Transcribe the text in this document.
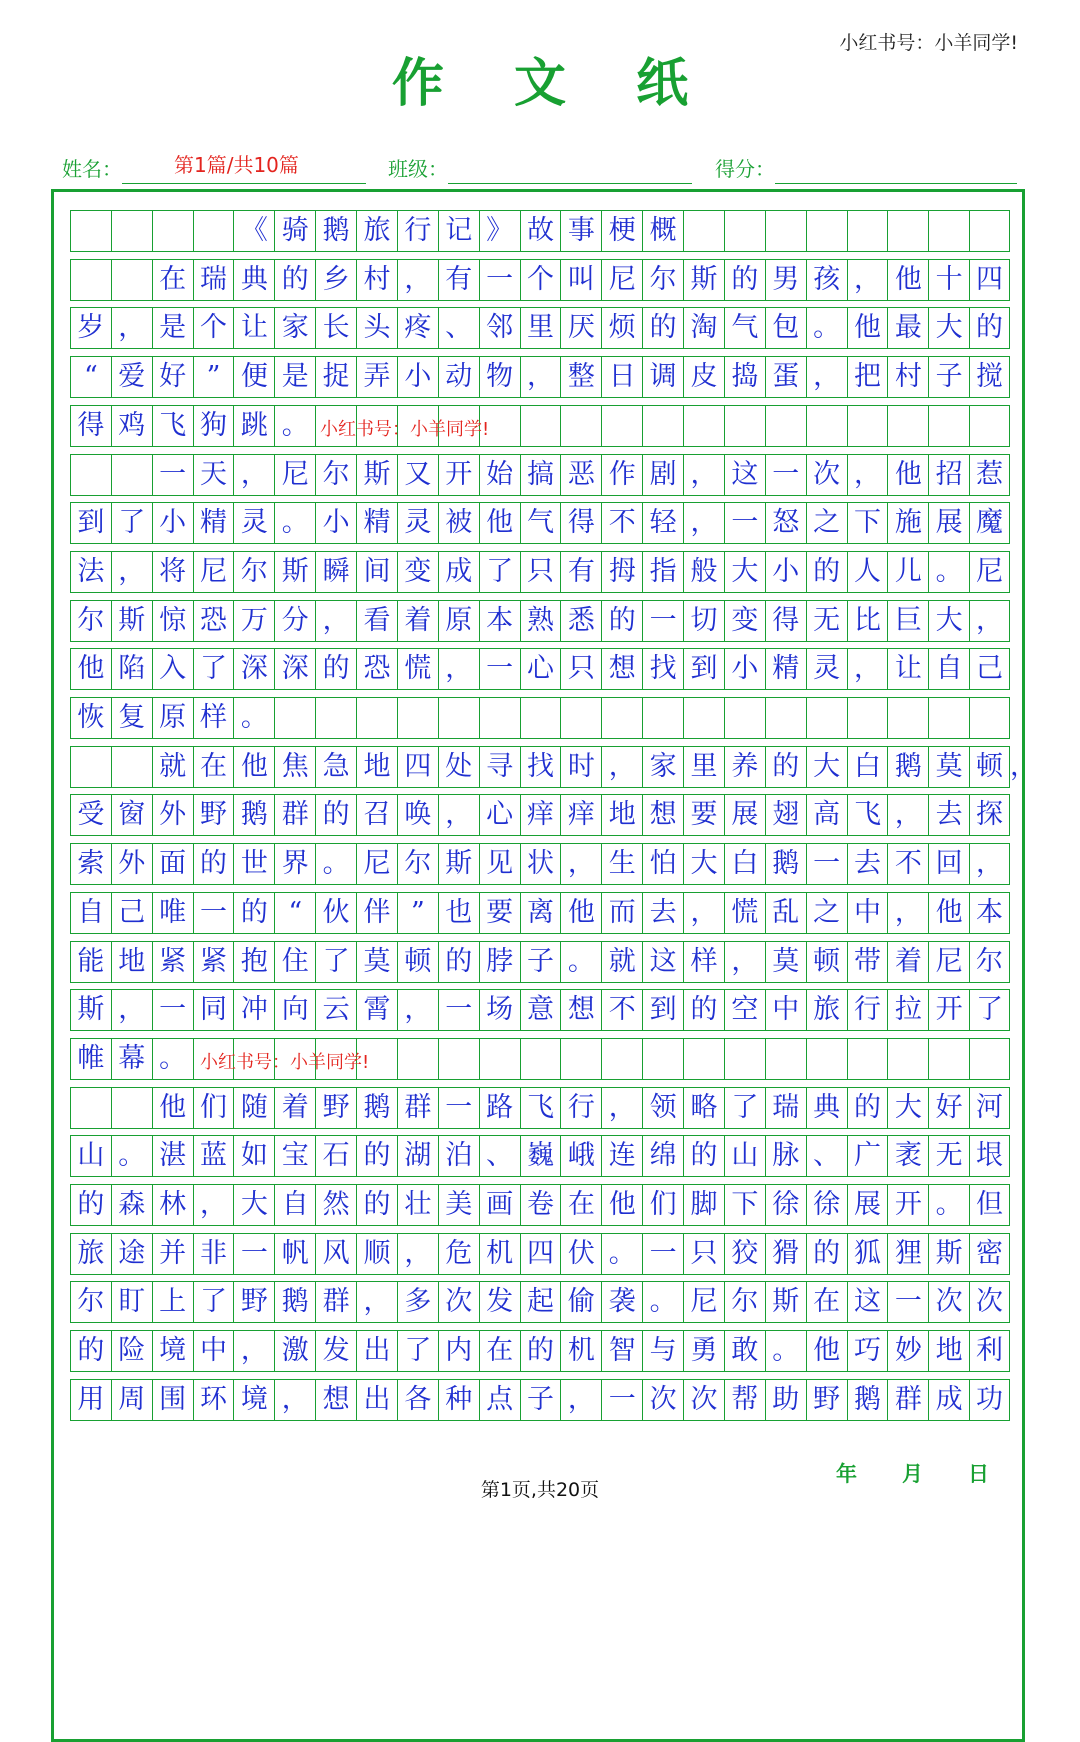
小红书号：小羊同学!
作 文 纸
姓名：	第1篇/共10篇	班级：	得分：
《 骑 鹅 旅 行 记 》 故 事 梗 概
在 瑞 典 的 乡 村 ， 有 一 个 叫 尼 尔 斯 的 男 孩 ， 他 十 四
岁 ， 是 个 让 家 长 头 疼 、 邻 里 厌 烦 的 淘 气 包 。 他 最 大 的
“ 爱 好 ” 便 是 捉 弄 小 动 物 ， 整 日 调 皮 捣 蛋 ， 把 村 子 搅
得 鸡 飞 狗 跳 。
一 天 ， 尼 尔 斯 又 开 始 搞 恶 作 剧 ， 这 一 次 ， 他 招 惹
到 了 小 精 灵 。 小 精 灵 被 他 气 得 不 轻 ， 一 怒 之 下 施 展 魔
法 ， 将 尼 尔 斯 瞬 间 变 成 了 只 有 拇 指 般 大 小 的 人 儿 。 尼
尔 斯 惊 恐 万 分 ， 看 着 原 本 熟 悉 的 一 切 变 得 无 比 巨 大 ，
他 陷 入 了 深 深 的 恐 慌 ， 一 心 只 想 找 到 小 精 灵 ， 让 自 己
恢 复 原 样 。
就 在 他 焦 急 地 四 处 寻 找 时 ， 家 里 养 的 大 白 鹅 莫 顿 ，
受 窗 外 野 鹅 群 的 召 唤 ， 心 痒 痒 地 想 要 展 翅 高 飞 ， 去 探
索 外 面 的 世 界 。 尼 尔 斯 见 状 ， 生 怕 大 白 鹅 一 去 不 回 ，
自 己 唯 一 的 “ 伙 伴 ” 也 要 离 他 而 去 ， 慌 乱 之 中 ， 他 本
能 地 紧 紧 抱 住 了 莫 顿 的 脖 子 。 就 这 样 ， 莫 顿 带 着 尼 尔
斯 ， 一 同 冲 向 云 霄 ， 一 场 意 想 不 到 的 空 中 旅 行 拉 开 了
帷 幕 。
他 们 随 着 野 鹅 群 一 路 飞 行 ， 领 略 了 瑞 典 的 大 好 河
山 。 湛 蓝 如 宝 石 的 湖 泊 、 巍 峨 连 绵 的 山 脉 、 广 袤 无 垠
的 森 林 ， 大 自 然 的 壮 美 画 卷 在 他 们 脚 下 徐 徐 展 开 。 但
旅 途 并 非 一 帆 风 顺 ， 危 机 四 伏 。 一 只 狡 猾 的 狐 狸 斯 密
尔 盯 上 了 野 鹅 群 ， 多 次 发 起 偷 袭 。 尼 尔 斯 在 这 一 次 次
的 险 境 中 ， 激 发 出 了 内 在 的 机 智 与 勇 敢 。 他 巧 妙 地 利
用 周 围 环 境 ， 想 出 各 种 点 子 ， 一 次 次 帮 助 野 鹅 群 成 功
小红书号：小羊同学!
小红书号：小羊同学!
年 月 日
第1页,共20页
